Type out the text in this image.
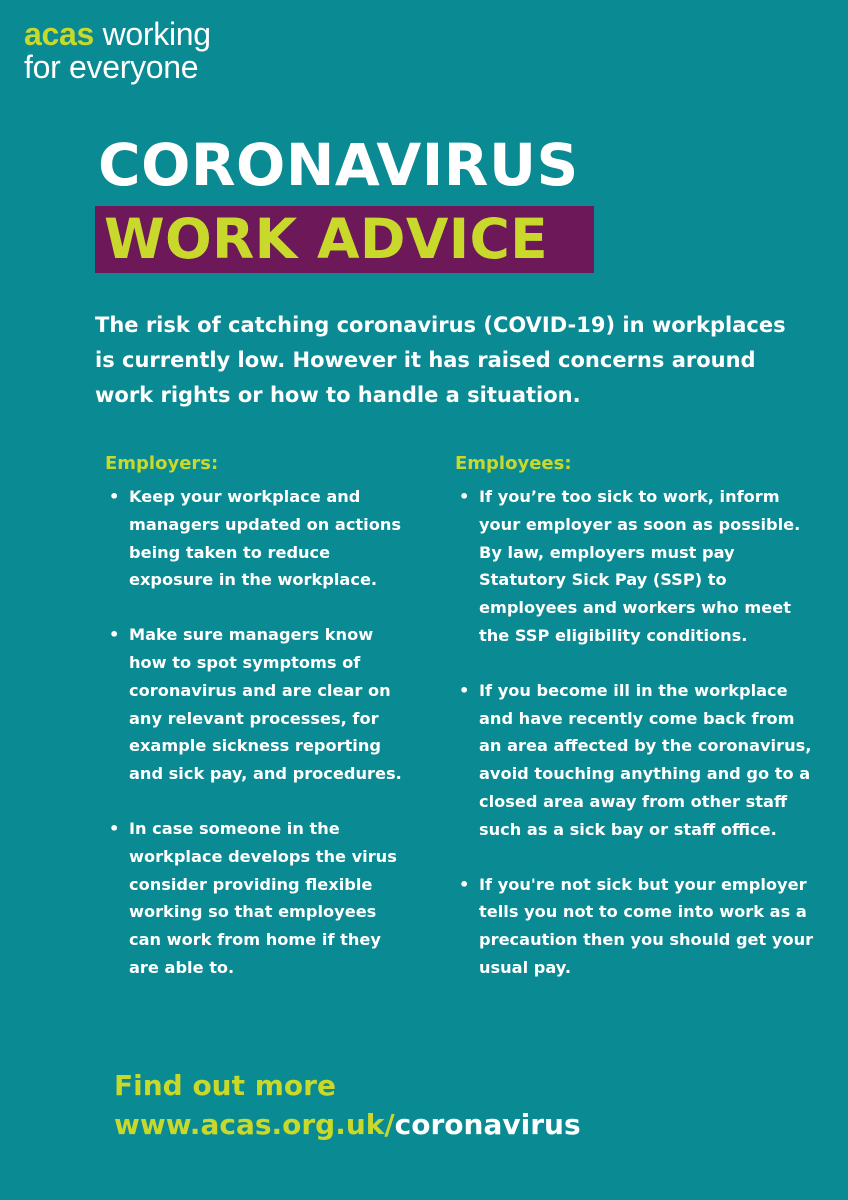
acas working
for everyone
CORONAVIRUS
WORK ADVICE
The risk of catching coronavirus (COVID-19) in workplaces is currently low. However it has raised concerns around work rights or how to handle a situation.
Employers:
• Keep your workplace and managers updated on actions being taken to reduce exposure in the workplace.
• Make sure managers know how to spot symptoms of coronavirus and are clear on any relevant processes, for example sickness reporting and sick pay, and procedures.
• In case someone in the workplace develops the virus consider providing flexible working so that employees can work from home if they are able to.
Employees:
• If you’re too sick to work, inform your employer as soon as possible. By law, employers must pay Statutory Sick Pay (SSP) to employees and workers who meet the SSP eligibility conditions.
• If you become ill in the workplace and have recently come back from an area affected by the coronavirus, avoid touching anything and go to a closed area away from other staff such as a sick bay or staff office.
• If you're not sick but your employer tells you not to come into work as a precaution then you should get your usual pay.
Find out more
www.acas.org.uk/coronavirus
